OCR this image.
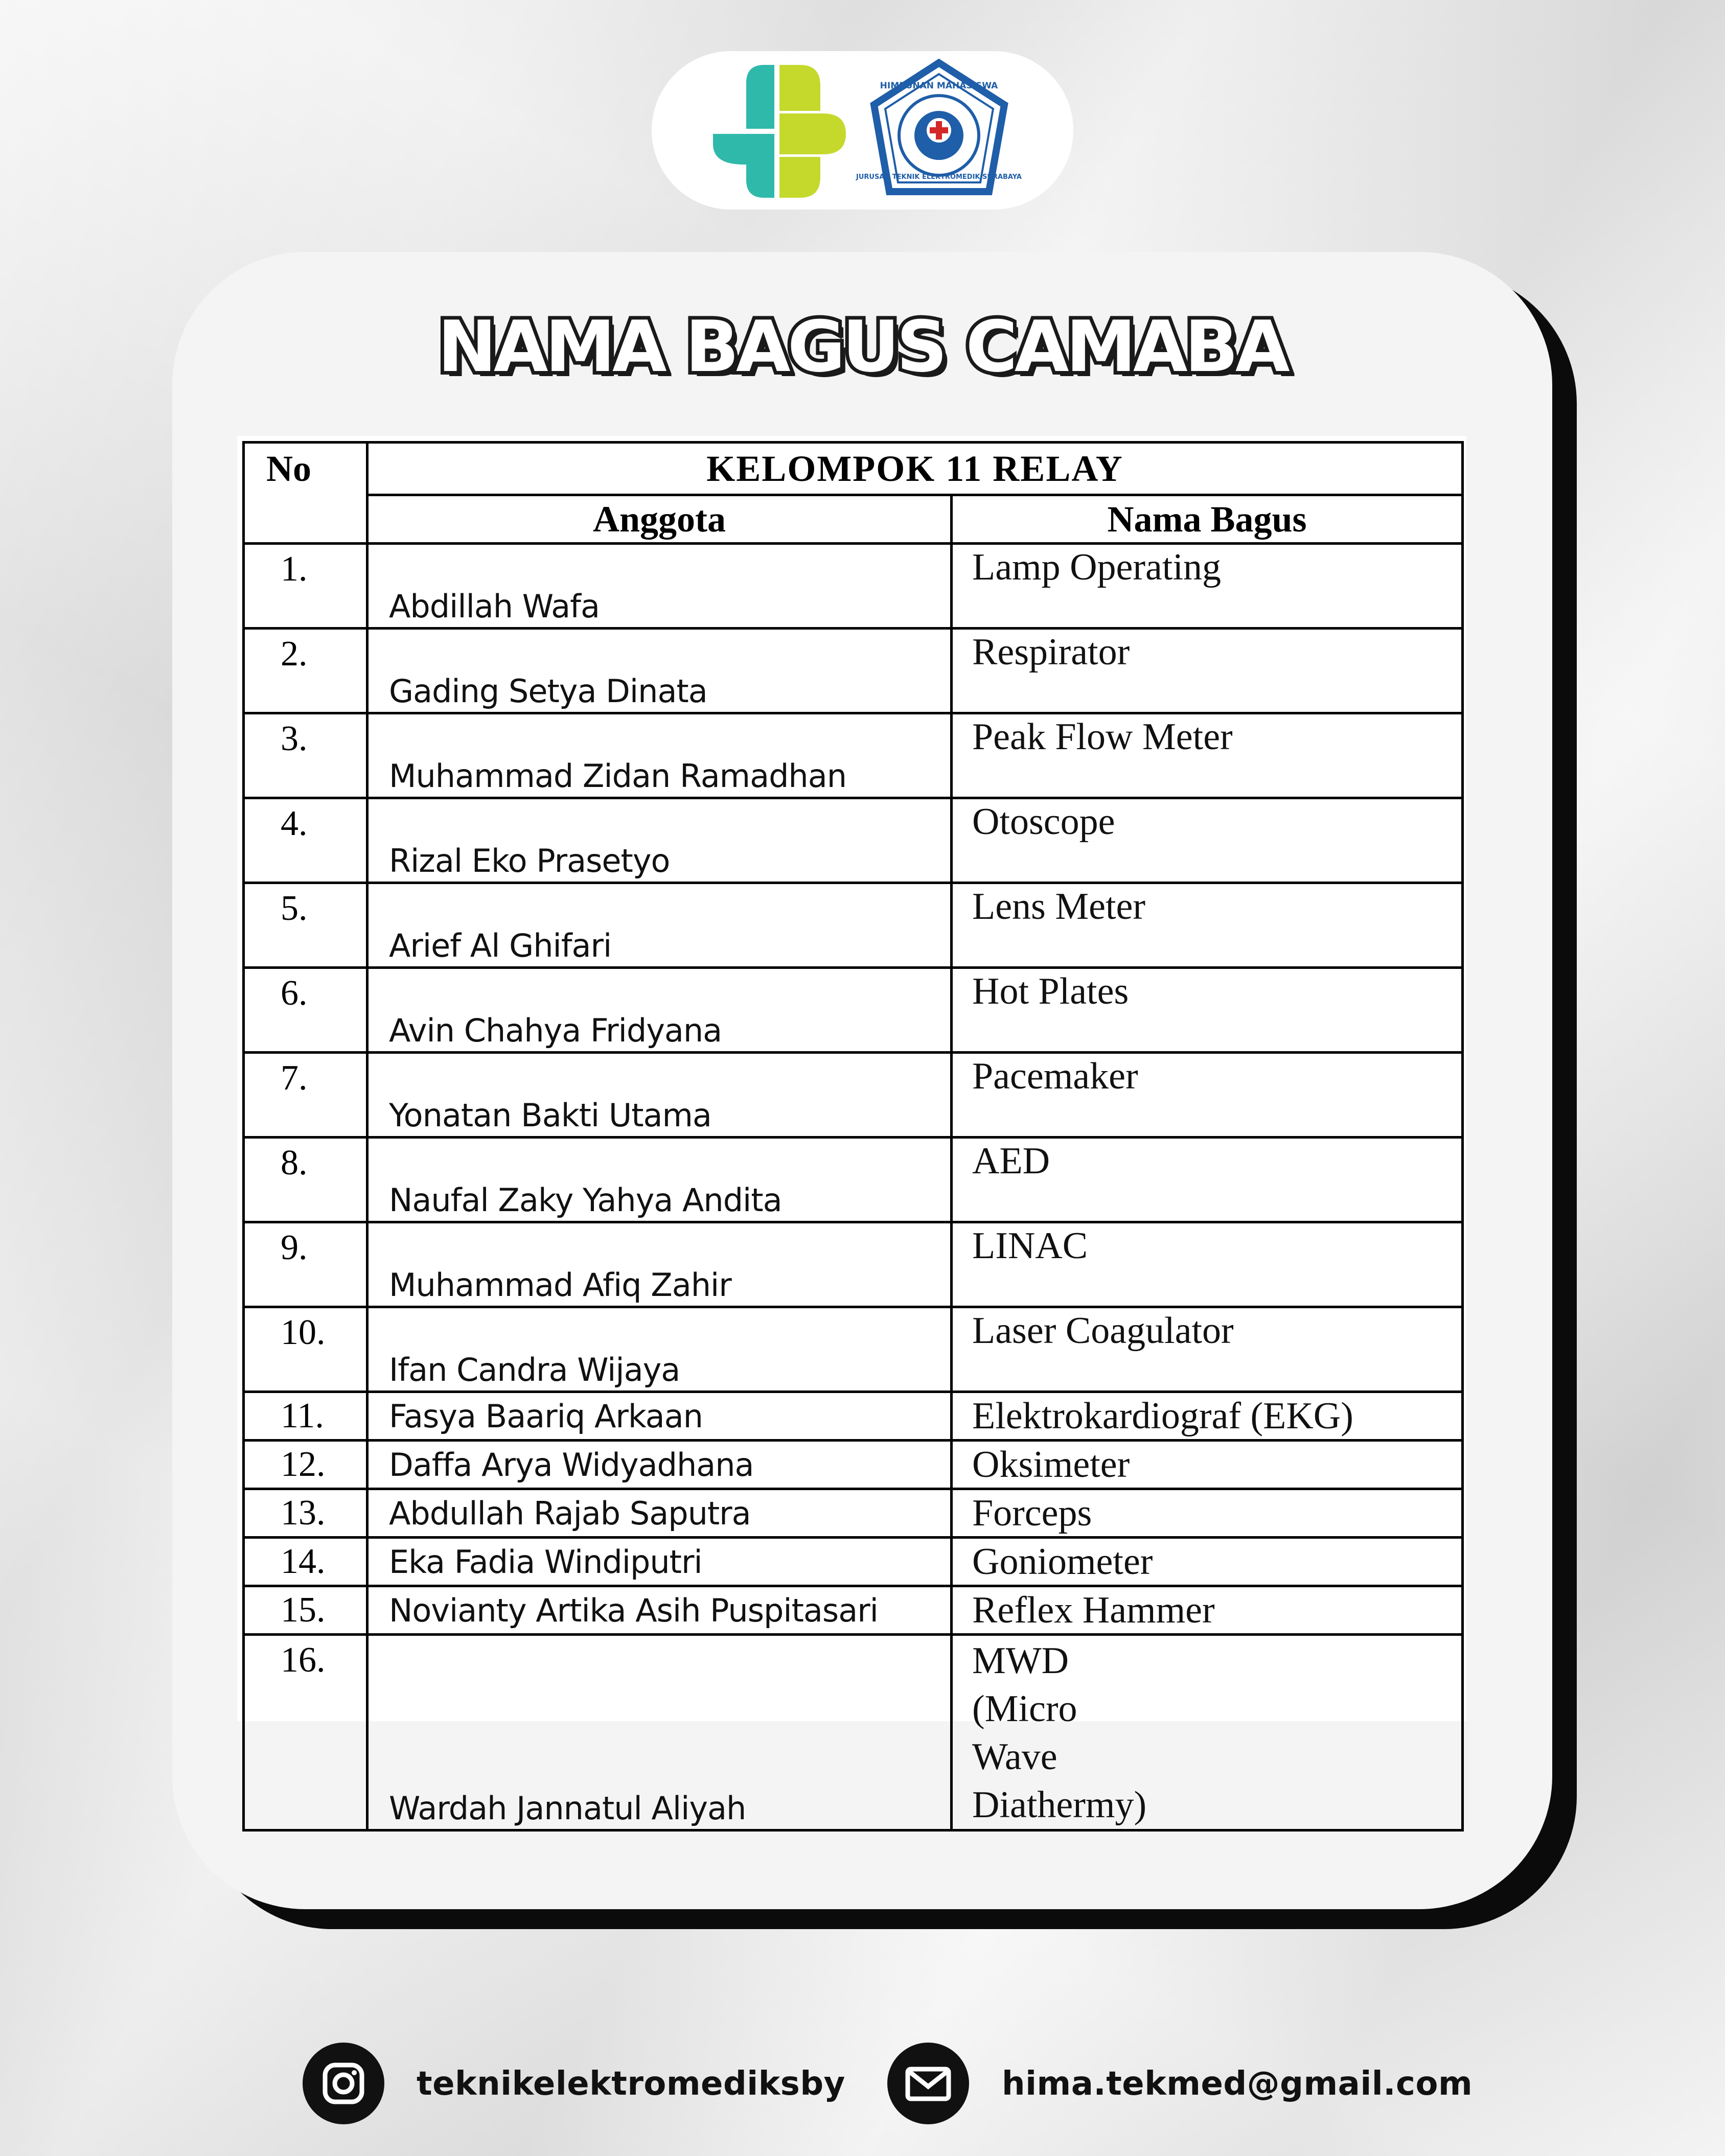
HIMPUNAN MAHASISWA
JURUSAN TEKNIK ELEKTROMEDIK SURABAYA
NAMA BAGUS CAMABA
No	KELOMPOK 11 RELAY	
	Anggota	Nama Bagus
1.	Abdillah Wafa	Lamp Operating
2.	Gading Setya Dinata	Respirator
3.	Muhammad Zidan Ramadhan	Peak Flow Meter
4.	Rizal Eko Prasetyo	Otoscope
5.	Arief Al Ghifari	Lens Meter
6.	Avin Chahya Fridyana	Hot Plates
7.	Yonatan Bakti Utama	Pacemaker
8.	Naufal Zaky Yahya Andita	AED
9.	Muhammad Afiq Zahir	LINAC
10.	Ifan Candra Wijaya	Laser Coagulator
11.	Fasya Baariq Arkaan	Elektrokardiograf (EKG)
12.	Daffa Arya Widyadhana	Oksimeter
13.	Abdullah Rajab Saputra	Forceps
14.	Eka Fadia Windiputri	Goniometer
15.	Novianty Artika Asih Puspitasari	Reflex Hammer
16.	Wardah Jannatul Aliyah	MWD
(Micro
Wave
Diathermy)
teknikelektromediksby	hima.tekmed@gmail.com
